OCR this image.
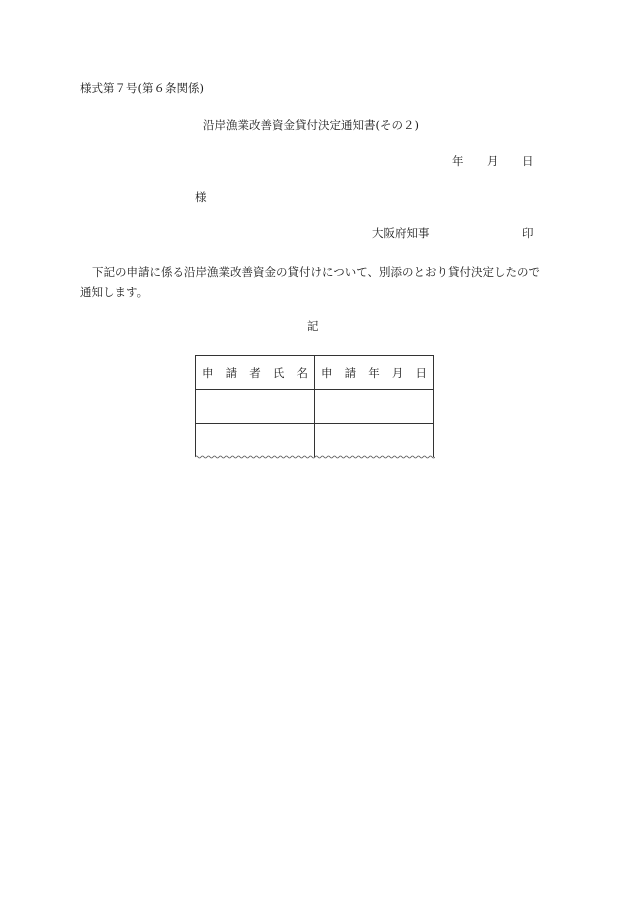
様式第７号(第６条関係)
沿岸漁業改善資金貸付決定通知書(その２)
年 月 日
様
大阪府知事	印
下記の申請に係る沿岸漁業改善資金の貸付けについて、別添のとおり貸付決定したので
通知します。
記
申 請 者 氏 名	申 請 年 月 日
